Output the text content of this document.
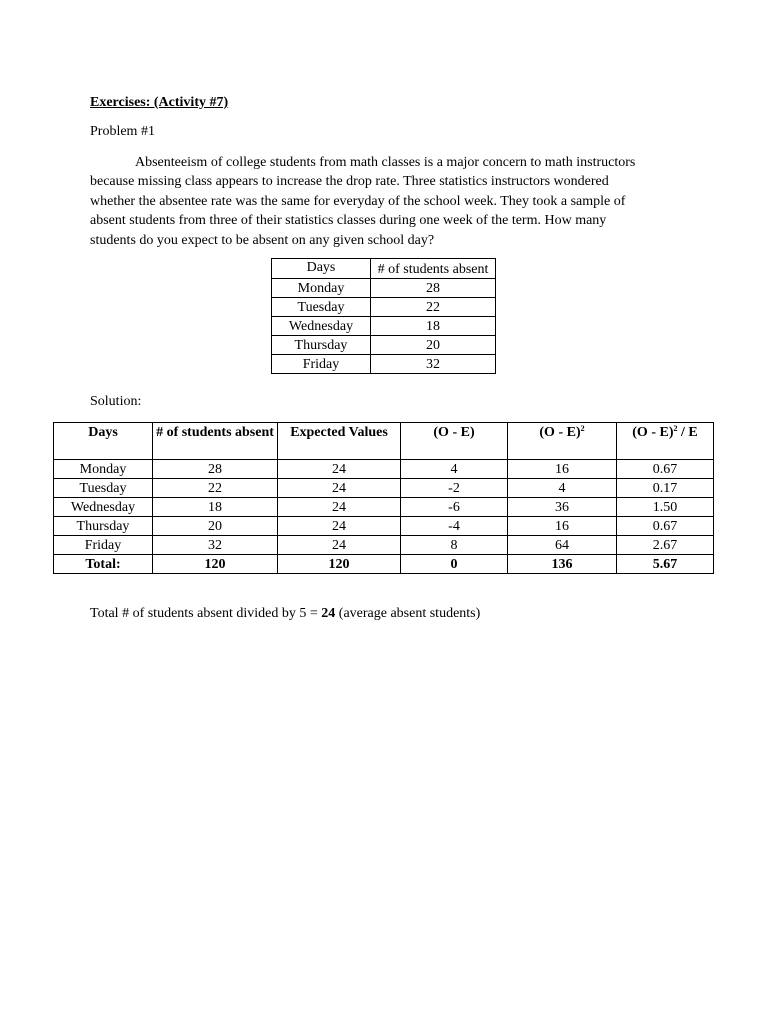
Exercises: (Activity #7)
Problem #1

Absenteeism of college students from math classes is a major concern to math instructors
because missing class appears to increase the drop rate. Three statistics instructors wondered
whether the absentee rate was the same for everyday of the school week. They took a sample of
absent students from three of their statistics classes during one week of the term. How many
students do you expect to be absent on any given school day?

Days	# of students absent
Monday	28
Tuesday	22
Wednesday	18
Thursday	20
Friday	32
Solution:
Days	# of students absent	Expected Values	(O - E)	(O - E)$^2$	(O - E)$^2$ / E
Monday	28	24	4	16	0.67
Tuesday	22	24	-2	4	0.17
Wednesday	18	24	-6	36	1.50
Thursday	20	24	-4	16	0.67
Friday	32	24	8	64	2.67
Total:	120	120	0	136	5.67
Total # of students absent divided by 5 = 24 (average absent students)
